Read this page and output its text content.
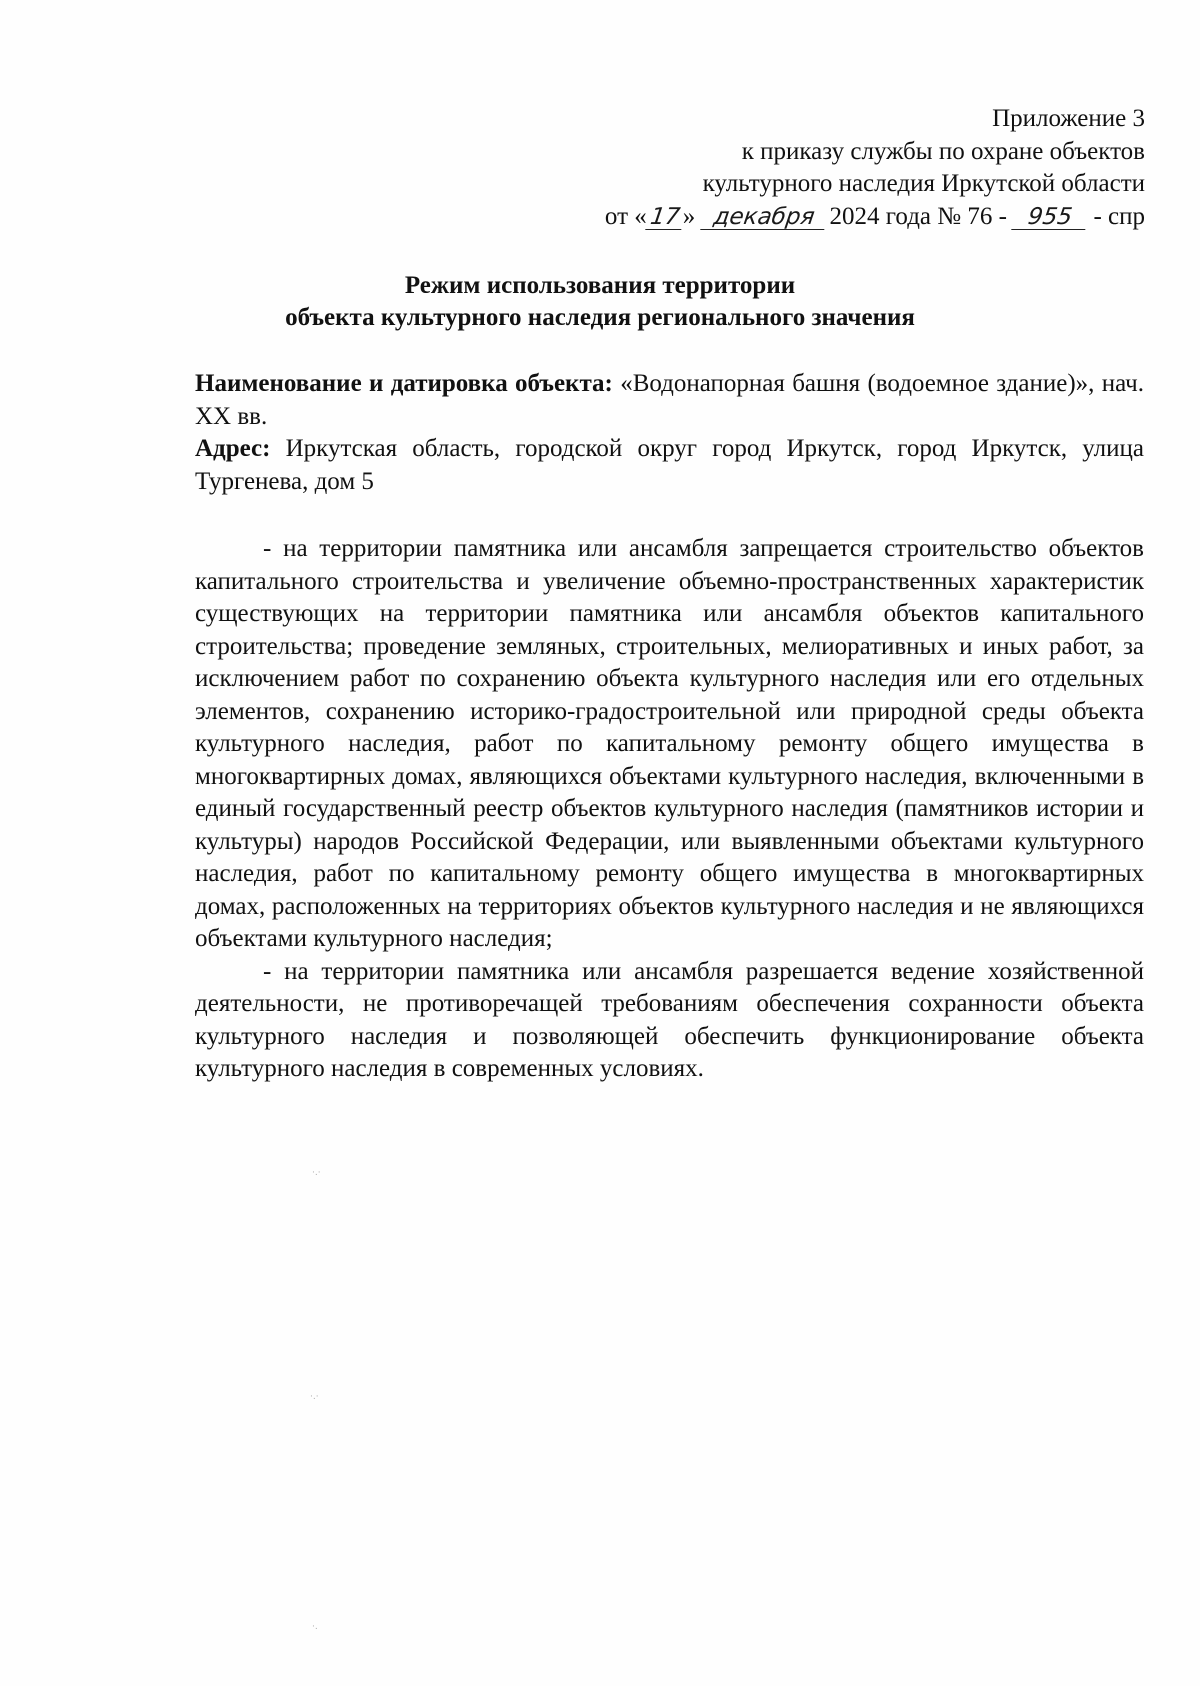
Приложение 3
к приказу службы по охране объектов
культурного наследия Иркутской области
от «17» декабря 2024 года № 76 - 955 - спр
Режим использования территории
объекта культурного наследия регионального значения
Наименование и датировка объекта: «Водонапорная башня (водоемное здание)», нач. XX вв.
Адрес: Иркутская область, городской округ город Иркутск, город Иркутск, улица Тургенева, дом 5

- на территории памятника или ансамбля запрещается строительство объектов капитального строительства и увеличение объемно-пространственных характеристик существующих на территории памятника или ансамбля объектов капитального строительства; проведение земляных, строительных, мелиоративных и иных работ, за исключением работ по сохранению объекта культурного наследия или его отдельных элементов, сохранению историко-градостроительной или природной среды объекта культурного наследия, работ по капитальному ремонту общего имущества в многоквартирных домах, являющихся объектами культурного наследия, включенными в единый государственный реестр объектов культурного наследия (памятников истории и культуры) народов Российской Федерации, или выявленными объектами культурного наследия, работ по капитальному ремонту общего имущества в многоквартирных домах, расположенных на территориях объектов культурного наследия и не являющихся объектами культурного наследия;

- на территории памятника или ансамбля разрешается ведение хозяйственной деятельности, не противоречащей требованиям обеспечения сохранности объекта культурного наследия и позволяющей обеспечить функционирование объекта культурного наследия в современных условиях.

·.·
·.·
·.
